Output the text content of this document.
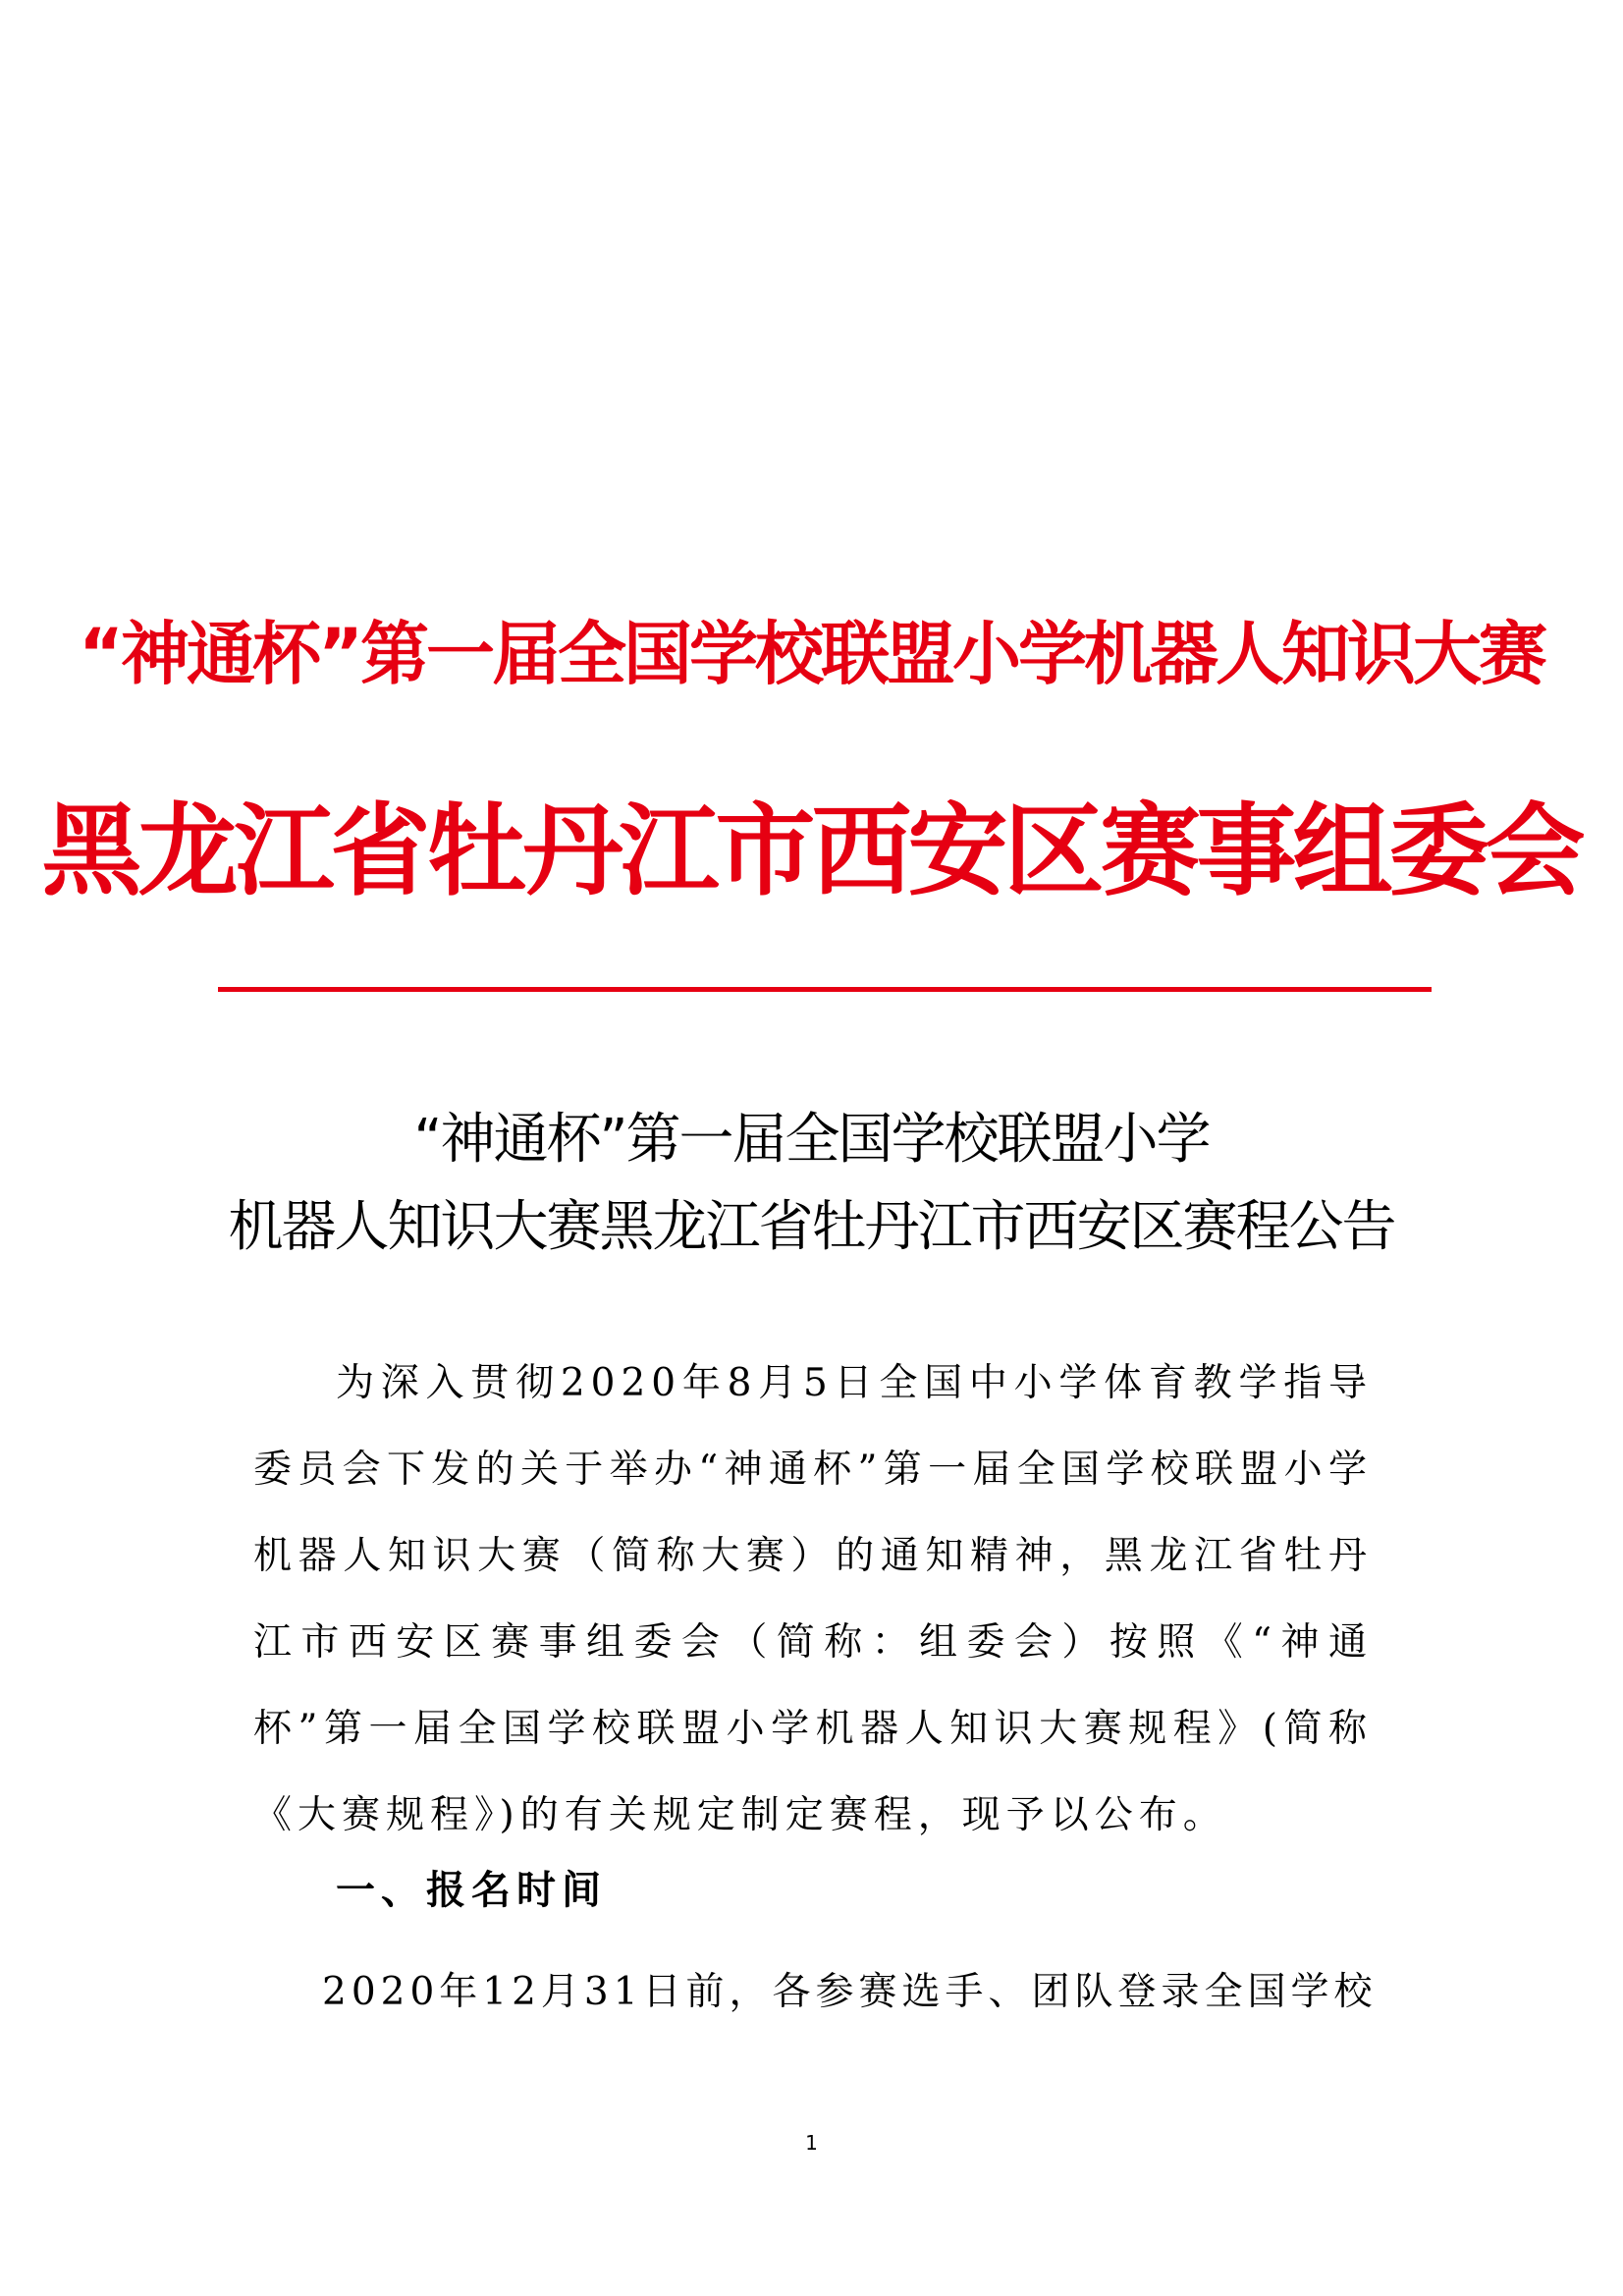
“神通杯”第一届全国学校联盟小学机器人知识大赛
黑龙江省牡丹江市西安区赛事组委会
“神通杯”第一届全国学校联盟小学
机器人知识大赛黑龙江省牡丹江市西安区赛程公告
为深入贯彻2020年8月5日全国中小学体育教学指导委员会下发的关于举办“神通杯”第一届全国学校联盟小学机器人知识大赛（简称大赛）的通知精神，黑龙江省牡丹江市西安区赛事组委会（简称：组委会）按照《“神通杯”第一届全国学校联盟小学机器人知识大赛规程》(简称《大赛规程》)的有关规定制定赛程，现予以公布。
一、报名时间
2020年12月31日前，各参赛选手、团队登录全国学校
1
